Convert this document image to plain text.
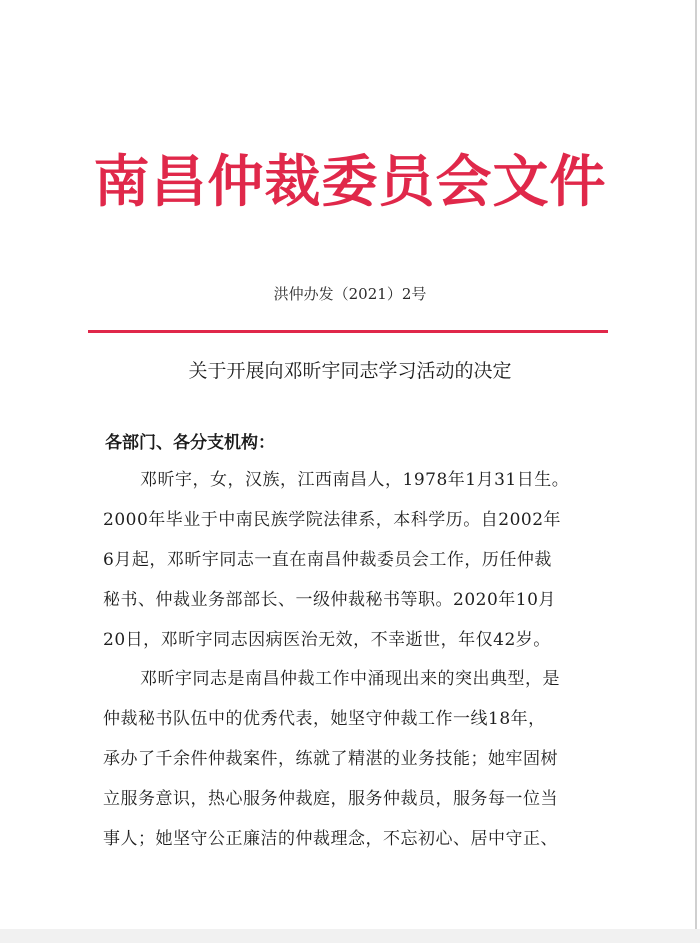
南昌仲裁委员会文件
洪仲办发（2021）2号
关于开展向邓昕宇同志学习活动的决定
各部门、各分支机构：
邓昕宇，女，汉族，江西南昌人，1978年1月31日生。
2000年毕业于中南民族学院法律系，本科学历。自2002年
6月起，邓昕宇同志一直在南昌仲裁委员会工作，历任仲裁
秘书、仲裁业务部部长、一级仲裁秘书等职。2020年10月
20日，邓昕宇同志因病医治无效，不幸逝世，年仅42岁。
邓昕宇同志是南昌仲裁工作中涌现出来的突出典型，是
仲裁秘书队伍中的优秀代表，她坚守仲裁工作一线18年，
承办了千余件仲裁案件，练就了精湛的业务技能；她牢固树
立服务意识，热心服务仲裁庭，服务仲裁员，服务每一位当
事人；她坚守公正廉洁的仲裁理念，不忘初心、居中守正、
